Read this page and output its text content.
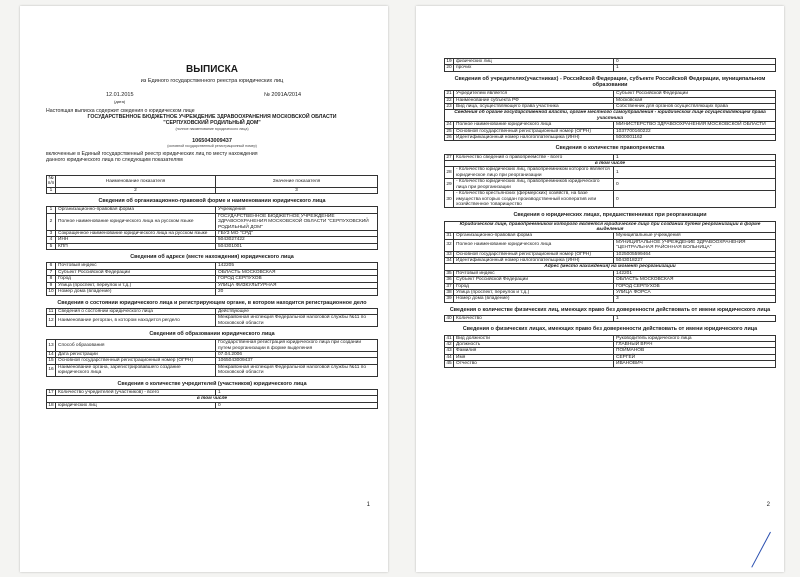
ВЫПИСКА
из Единого государственного реестра юридических лиц
12.01.2015
(дата)
№ 2091А/2014
Настоящая выписка содержит сведения о юридическом лице
ГОСУДАРСТВЕННОЕ БЮДЖЕТНОЕ УЧРЕЖДЕНИЕ ЗДРАВООХРАНЕНИЯ МОСКОВСКОЙ ОБЛАСТИ
"СЕРПУХОВСКИЙ РОДИЛЬНЫЙ ДОМ"
(полное наименование юридического лица)
1065043009437
(основной государственный регистрационный номер)
включенные в Единый государственный реестр юридических лиц по месту нахождения данного юридического лица по следующим показателям
№ п/п	Наименование показателя	Значение показателя
1	2	3
Сведения об организационно-правовой форме и наименовании юридического лица
1	Организационно-правовая форма	Учреждения
2	Полное наименование юридического лица на русском языке	ГОСУДАРСТВЕННОЕ БЮДЖЕТНОЕ УЧРЕЖДЕНИЕ ЗДРАВООХРАНЕНИЯ МОСКОВСКОЙ ОБЛАСТИ "СЕРПУХОВСКИЙ РОДИЛЬНЫЙ ДОМ"
3	Сокращенное наименование юридического лица на русском языке	ГБУЗ МО "СРД"
4	ИНН	5043027422
5	КПП	504301001
Сведения об адресе (месте нахождения) юридического лица
6	Почтовый индекс	142205
7	Субъект Российской Федерации	ОБЛАСТЬ МОСКОВСКАЯ
8	Город	ГОРОД СЕРПУХОВ
9	Улица (проспект, переулок и т.д.)	УЛИЦА ФИЗКУЛЬТУРНАЯ
10	Номер дома (владение)	20
Сведения о состоянии юридического лица и регистрирующем органе, в котором находится регистрационное дело
11	Сведения о состоянии юридического лица	Действующее
12	Наименование регорган, в котором находится регдело	Межрайонная инспекция Федеральной налоговой службы №11 по Московской области
Сведения об образовании юридического лица
13	Способ образования	Государственная регистрация юридического лица при создании путем реорганизации в форме выделения
14	Дата регистрации	07.04.2006
15	Основной государственный регистрационный номер (ОГРН)	1065043009437
16	Наименование органа, зарегистрировавшего создание юридического лица	Межрайонная инспекция Федеральной налоговой службы №11 по Московской области
Сведения о количестве учредителей (участников) юридического лица
17	Количество учредителей (участников) - всего	1
в том числе		
18	юридических лиц	0
1
19	физических лиц	0
20	прочих	1
Сведения об учредителях(участниках) - Российской Федерации, субъекте Российской Федерации, муниципальном образовании
21	Учредителем является	Субъект Российской Федерации
22	Наименование субъекта РФ	Московская
23	Вид лица, осуществляющего права участника	Собственник для органов осуществляющих права
Сведения об органе государственной власти, органе местного самоуправления - юридическом лице осуществляющем права участника		
24	Полное наименование юридического лица	МИНИСТЕРСТВО ЗДРАВООХРАНЕНИЯ МОСКОВСКОЙ ОБЛАСТИ
25	Основной государственный регистрационный номер (ОГРН)	1037700160222
26	Идентификационный номер налогоплательщика (ИНН)	5000001162
Сведения о количестве правопреемства
27	Количество сведений о правопреемстве - всего	1
в том числе		
28	- Количество юридических лиц, правопреемником которого является юридическое лицо при реорганизации	1
29	- Количество юридических лиц, правопреемников юридического лица при реорганизации	0
30	- Количество крестьянских (фермерских) хозяйств, на базе имущества которых создан производственный кооператив или хозяйственное товарищество	0
Сведения о юридических лицах, предшественниках при реорганизации
Юридическом лице, правопреемником которого является юридическое лицо при создании путем реорганизации в форме выделения		
31	Организационно-правовая форма	Муниципальные учреждения
32	Полное наименование юридического лица	МУНИЦИПАЛЬНОЕ УЧРЕЖДЕНИЕ ЗДРАВООХРАНЕНИЯ "ЦЕНТРАЛЬНАЯ РАЙОННАЯ БОЛЬНИЦА"
33	Основной государственный регистрационный номер (ОГРН)	1025005599464
34	Идентификационный номер налогоплательщика (ИНН)	5043018227
Адрес (место нахождения) на момент реорганизации		
35	Почтовый индекс	142201
36	Субъект Российской Федерации	ОБЛАСТЬ МОСКОВСКАЯ
37	Город	ГОРОД СЕРПУХОВ
38	Улица (проспект, переулок и т.д.)	УЛИЦА ФОРСА
39	Номер дома (владение)	3
Сведения о количестве физических лиц, имеющих право без доверенности действовать от имени юридического лица
40	Количество	1
Сведения о физических лицах, имеющих право без доверенности действовать от имени юридического лица
41	Вид должности	Руководитель юридического лица
42	Должность	ГЛАВНЫЙ ВРАЧ
43	Фамилия	ПОЙМАНОВ
44	Имя	СЕРГЕЙ
45	Отчество	ИВАНОВИЧ
2
